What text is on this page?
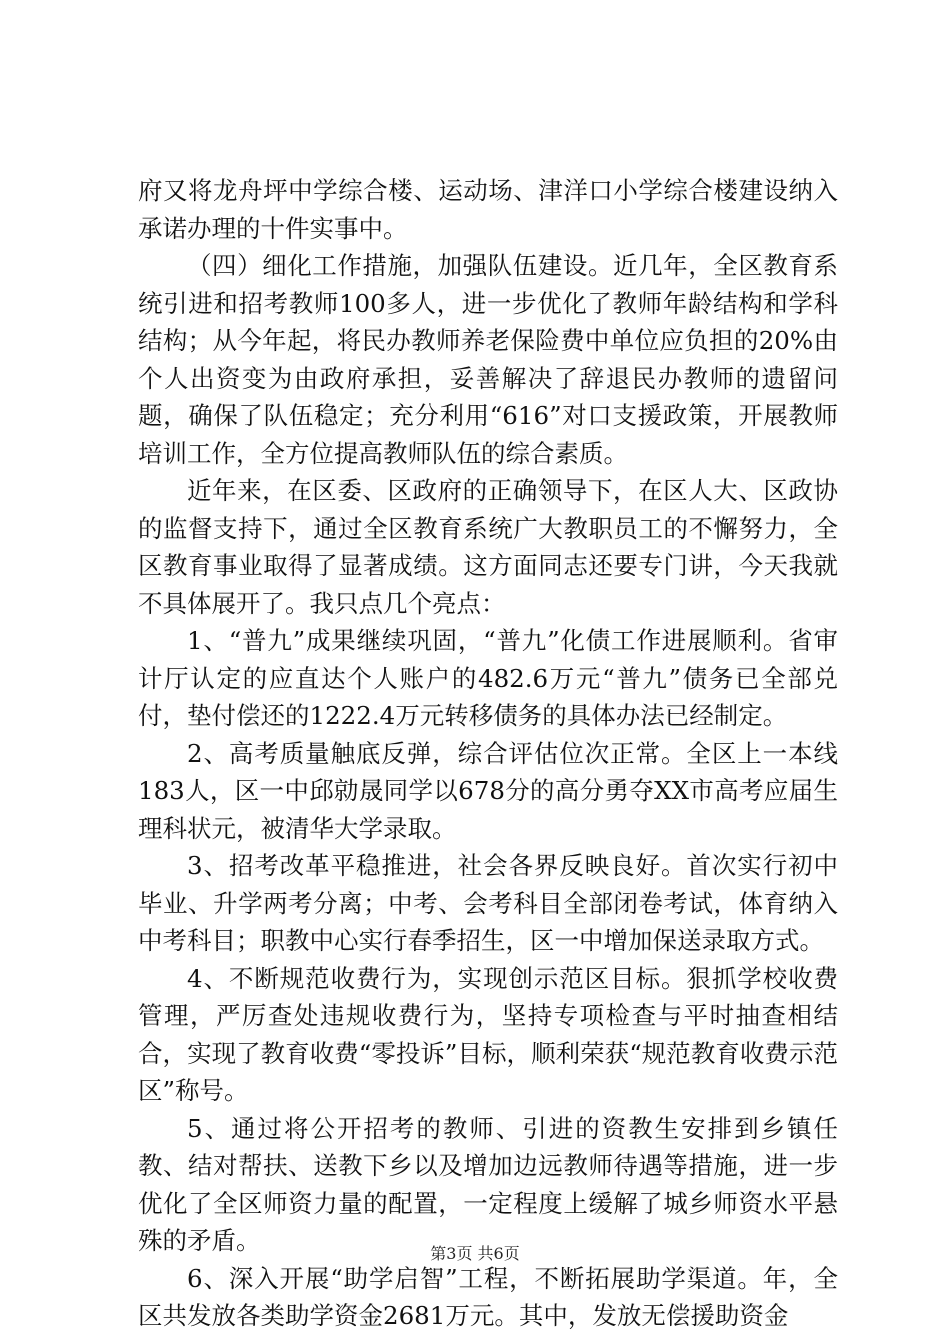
府又将龙舟坪中学综合楼、运动场、津洋口小学综合楼建设纳入承诺办理的十件实事中。

（四）细化工作措施，加强队伍建设。近几年，全区教育系统引进和招考教师100多人，进一步优化了教师年龄结构和学科结构；从今年起，将民办教师养老保险费中单位应负担的20%由个人出资变为由政府承担，妥善解决了辞退民办教师的遗留问题，确保了队伍稳定；充分利用“616”对口支援政策，开展教师培训工作，全方位提高教师队伍的综合素质。

近年来，在区委、区政府的正确领导下，在区人大、区政协的监督支持下，通过全区教育系统广大教职员工的不懈努力，全区教育事业取得了显著成绩。这方面同志还要专门讲，今天我就不具体展开了。我只点几个亮点：

1、“普九”成果继续巩固，“普九”化债工作进展顺利。省审计厅认定的应直达个人账户的482.6万元“普九”债务已全部兑付，垫付偿还的1222.4万元转移债务的具体办法已经制定。

2、高考质量触底反弹，综合评估位次正常。全区上一本线183人，区一中邱勍晟同学以678分的高分勇夺XX市高考应届生理科状元，被清华大学录取。

3、招考改革平稳推进，社会各界反映良好。首次实行初中毕业、升学两考分离；中考、会考科目全部闭卷考试，体育纳入中考科目；职教中心实行春季招生，区一中增加保送录取方式。

4、不断规范收费行为，实现创示范区目标。狠抓学校收费管理，严厉查处违规收费行为，坚持专项检查与平时抽查相结合，实现了教育收费“零投诉”目标，顺利荣获“规范教育收费示范区”称号。

5、通过将公开招考的教师、引进的资教生安排到乡镇任教、结对帮扶、送教下乡以及增加边远教师待遇等措施，进一步优化了全区师资力量的配置，一定程度上缓解了城乡师资水平悬殊的矛盾。

6、深入开展“助学启智”工程，不断拓展助学渠道。年，全区共发放各类助学资金2681万元。其中，发放无偿援助资金

第3页 共6页
